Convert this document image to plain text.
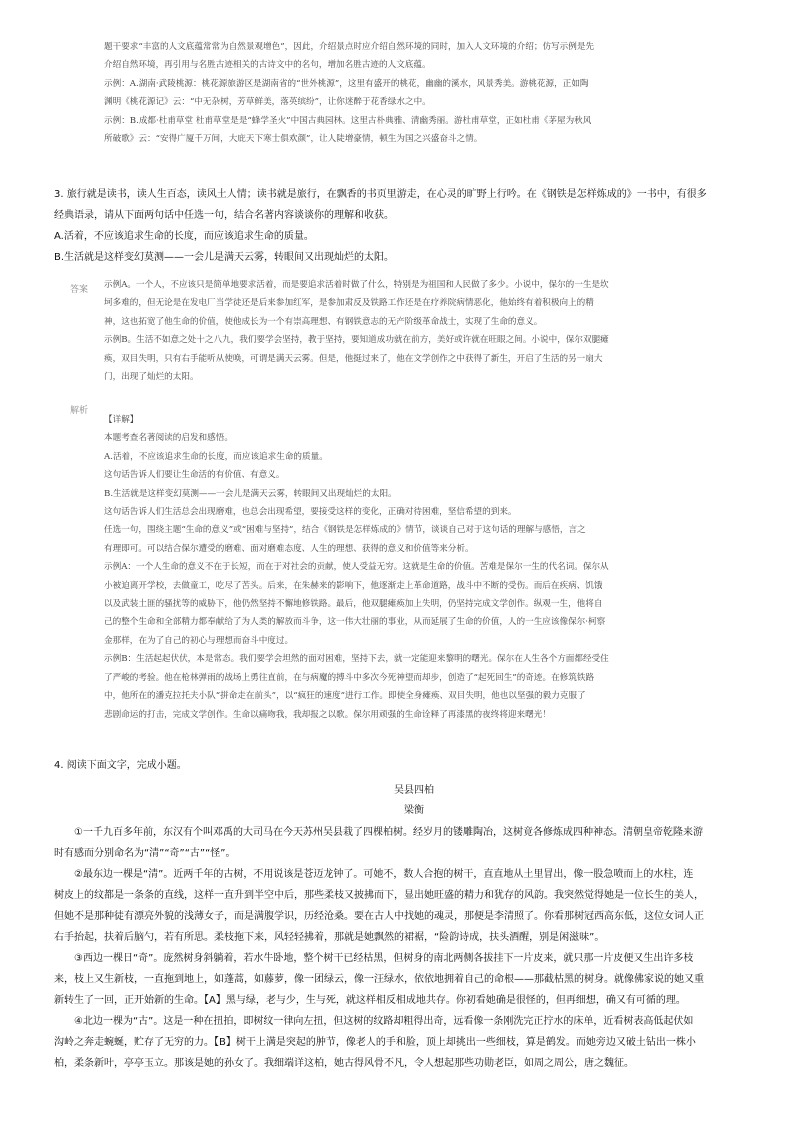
题干要求“丰富的人文底蕴常常为自然景观增色”，因此，介绍景点时应介绍自然环境的同时，加入人文环境的介绍；仿写示例是先

介绍自然环境，再引用与名胜古迹相关的古诗文中的名句，增加名胜古迹的人文底蕴。

示例：A.湖南·武陵桃源：桃花源旅游区是湖南省的“世外桃源”，这里有盛开的桃花，幽幽的溪水，风景秀美。游桃花源，正如陶

渊明《桃花源记》云：“中无杂树，芳草鲜美，落英缤纷”，让你迷醉于花香绿水之中。

示例：B.成都·杜甫草堂 杜甫草堂是是“蜂学圣火”中国古典园林。这里古朴典雅、清幽秀丽。游杜甫草堂，正如杜甫《茅屋为秋风

所破歌》云：“安得广厦千万间，大庇天下寒士俱欢颜”，让人陡增豪情，顿生为国之兴盛奋斗之情。

3. 旅行就是读书，读人生百态，读风土人情；读书就是旅行，在飘香的书页里游走，在心灵的旷野上行吟。在《钢铁是怎样炼成的》一书中，有很多

经典语录，请从下面两句话中任选一句，结合名著内容谈谈你的理解和收获。

A.活着，不应该追求生命的长度，而应该追求生命的质量。

B.生活就是这样变幻莫测——一会儿是满天云雾，转眼间又出现灿烂的太阳。

答案 示例A。一个人，不应该只是简单地要求活着，而是要追求活着时做了什么，特别是为祖国和人民做了多少。小说中，保尔的一生是坎

坷多难的，但无论是在发电厂当学徒还是后来参加红军，是参加肃反及铁路工作还是在疗养院病情恶化，他始终有着积极向上的精

神，这也拓宽了他生命的价值，使他成长为一个有崇高理想、有钢铁意志的无产阶级革命战士，实现了生命的意义。

示例B。生活不如意之处十之八九，我们要学会坚持，教于坚持，要知道成功就在前方，美好或许就在旺眼之间。小说中，保尔双腿瘫

痪，双目失明，只有右手能听从使唤，可谓是满天云雾。但是，他挺过来了，他在文学创作之中获得了新生，开启了生活的另一扇大

门，出现了灿烂的太阳。

解析

【详解】

本题考查名著阅读的启发和感悟。

A.活着，不应该追求生命的长度，而应该追求生命的质量。

这句话告诉人们要让生命活的有价值、有意义。

B.生活就是这样变幻莫测——一会儿是满天云雾，转眼间又出现灿烂的太阳。

这句话告诉人们生活总会出现磨难，也总会出现希望，要接受这样的变化，正确对待困难，坚信希望的到来。

任选一句，围绕主题“生命的意义”或“困难与坚持”，结合《钢铁是怎样炼成的》情节，谈谈自己对于这句话的理解与感悟，言之

有理即可。可以结合保尔遭受的磨难、面对磨难态度、人生的理想、获得的意义和价值等来分析。

示例A：一个人生命的意义不在于长短，而在于对社会的贡献，使人受益无穷。这就是生命的价值。苦难是保尔一生的代名词。保尔从

小被迫离开学校，去做童工，吃尽了苦头。后来，在朱赫来的影响下，他逐渐走上革命道路，战斗中不断的受伤。而后在疾病、饥饿

以及武装土匪的骚扰等的威胁下，他仍然坚持不懈地修铁路。最后，他双腿瘫痪加上失明，仍坚持完成文学创作。纵观一生，他将自

己的整个生命和全部精力都奉献给了为人类的解放而斗争，这一伟大壮丽的事业，从而延展了生命的价值，人的一生应该像保尔·柯察

金那样，在为了自己的初心与理想而奋斗中度过。

示例B：生活起起伏伏，本是常态。我们要学会坦然的面对困难，坚持下去，就一定能迎来黎明的曙光。保尔在人生各个方面都经受住

了严峻的考验。他在枪林弹雨的战场上勇往直前，在与病魔的搏斗中多次今死神望而却步，创造了“起死回生”的奇迹。在修筑铁路

中，他所在的潘克拉托夫小队“拼命走在前头”，以“疯狂的速度”进行工作。即使全身瘫痪、双目失明，他也以坚强的毅力克服了

悲剧命运的打击，完成文学创作。生命以痛吻我，我却报之以歌。保尔用顽强的生命诠释了再漆黑的夜终将迎来曙光！

4. 阅读下面文字，完成小题。
吴县四柏
梁衡

①一千九百多年前，东汉有个叫邓禹的大司马在今天苏州吴县栽了四棵柏树。经岁月的镂雕陶冶，这树竟各修炼成四种神态。清朝皇帝乾隆来游

时有感而分别命名为“清”“奇”“古”“怪”。

②最东边一棵是“清”。近两千年的古树，不用说该是苍迈龙钟了。可她不，数人合抱的树干，直直地从土里冒出，像一股急喷而上的水柱，连

树皮上的纹都是一条条的直线，这样一直升到半空中后，那些柔枝又披拂而下，显出她旺盛的精力和犹存的风韵。我突然觉得她是一位长生的美人，

但她不是那种徒有漂亮外貌的浅薄女子，而是满腹学识，历经沧桑。要在古人中找她的魂灵，那便是李清照了。你看那树冠西高东低，这位女词人正

右手抬起，扶着后脑勺，若有所思。柔枝拖下来，风轻轻拂着，那就是她飘然的裙裾，“险韵诗成，扶头酒醒，别是闲滋味”。

③西边一棵日“奇”。庞然树身斜躺着，若水牛卧地，整个树干已经枯黑，但树身的南北两侧各拔挂下一片皮来，就只那一片皮便又生出许多枝

来，枝上又生新枝，一直拖到地上，如蓬蒿，如藤萝，像一团绿云，像一汪绿水，依依地拥着自己的命根——那截枯黑的树身。就像佛家说的她又重

新转生了一回，正开始新的生命。【A】黑与绿，老与少，生与死，就这样相反相成地共存。你初看她确是很怪的，但再细想，确又有可循的理。

④北边一棵为“古”。这是一种在扭拍，即树纹一律向左扭，但这树的纹路却粗得出奇，远看像一条刚洗完正拧水的床单，近看树表高低起伏如

沟岭之奔走蜿蜒，贮存了无穷的力。【B】树干上满是突起的肿节，像老人的手和脸，顶上却挑出一些细枝，算是鹤发。而她旁边又破土钻出一株小

柏，柔条新叶，亭亭玉立。那该是她的孙女了。我细端详这柏，她古得风骨不凡，令人想起那些功勋老臣，如周之周公，唐之魏征。
